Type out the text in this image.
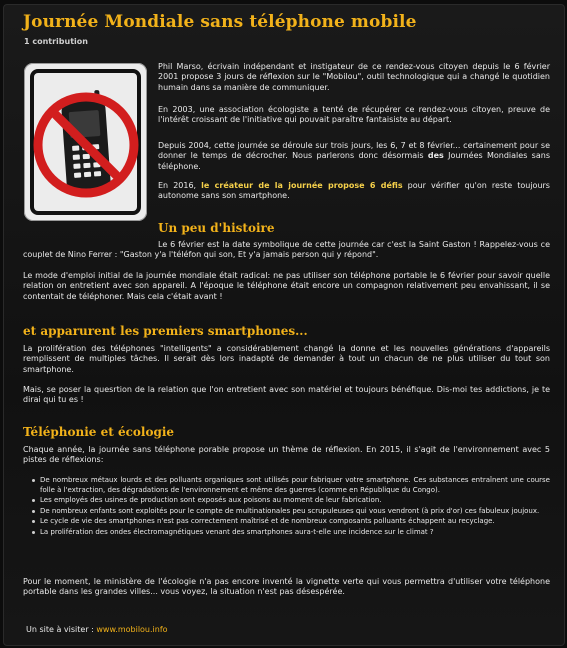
Journée Mondiale sans téléphone mobile
1 contribution

Phil Marso, écrivain indépendant et instigateur de ce rendez-vous citoyen depuis le 6 février 2001 propose 3 jours de réflexion sur le "Mobilou", outil technologique qui a changé le quotidien humain dans sa manière de communiquer.

En 2003, une association écologiste a tenté de récupérer ce rendez-vous citoyen, preuve de l'intérêt croissant de l'initiative qui pouvait paraître fantaisiste au départ.

Depuis 2004, cette journée se déroule sur trois jours, les 6, 7 et 8 février... certainement pour se donner le temps de décrocher. Nous parlerons donc désormais des Journées Mondiales sans téléphone.

En 2016, le créateur de la journée propose 6 défis pour vérifier qu'on reste toujours autonome sans son smartphone.

Un peu d'histoire

Le 6 février est la date symbolique de cette journée car c'est la Saint Gaston ! Rappelez-vous ce couplet de Nino Ferrer : "Gaston y'a l'téléfon qui son, Et y'a jamais person qui y répond".

Le mode d'emploi initial de la journée mondiale était radical: ne pas utiliser son téléphone portable le 6 février pour savoir quelle relation on entretient avec son appareil. A l'époque le téléphone était encore un compagnon relativement peu envahissant, il se contentait de téléphoner. Mais cela c'était avant !

et apparurent les premiers smartphones...

La prolifération des téléphones "intelligents" a considérablement changé la donne et les nouvelles générations d'appareils remplissent de multiples tâches. Il serait dès lors inadapté de demander à tout un chacun de ne plus utiliser du tout son smartphone.

Mais, se poser la quesrtion de la relation que l'on entretient avec son matériel et toujours bénéfique. Dis-moi tes addictions, je te dirai qui tu es !

Téléphonie et écologie

Chaque année, la journée sans téléphone porable propose un thème de réflexion. En 2015, il s'agit de l'environnement avec 5 pistes de réflexions:

De nombreux métaux lourds et des polluants organiques sont utilisés pour fabriquer votre smartphone. Ces substances entraînent une course folle à l'extraction, des dégradations de l'environnement et même des guerres (comme en République du Congo).
Les employés des usines de production sont exposés aux poisons au moment de leur fabrication.
De nombreux enfants sont exploités pour le compte de multinationales peu scrupuleuses qui vous vendront (à prix d'or) ces fabuleux joujoux.
Le cycle de vie des smartphones n'est pas correctement maîtrisé et de nombreux composants polluants échappent au recyclage.
La prolifération des ondes électromagnétiques venant des smartphones aura-t-elle une incidence sur le climat ?

Pour le moment, le ministère de l'écologie n'a pas encore inventé la vignette verte qui vous permettra d'utiliser votre téléphone portable dans les grandes villes... vous voyez, la situation n'est pas désespérée.

Un site à visiter : www.mobilou.info
